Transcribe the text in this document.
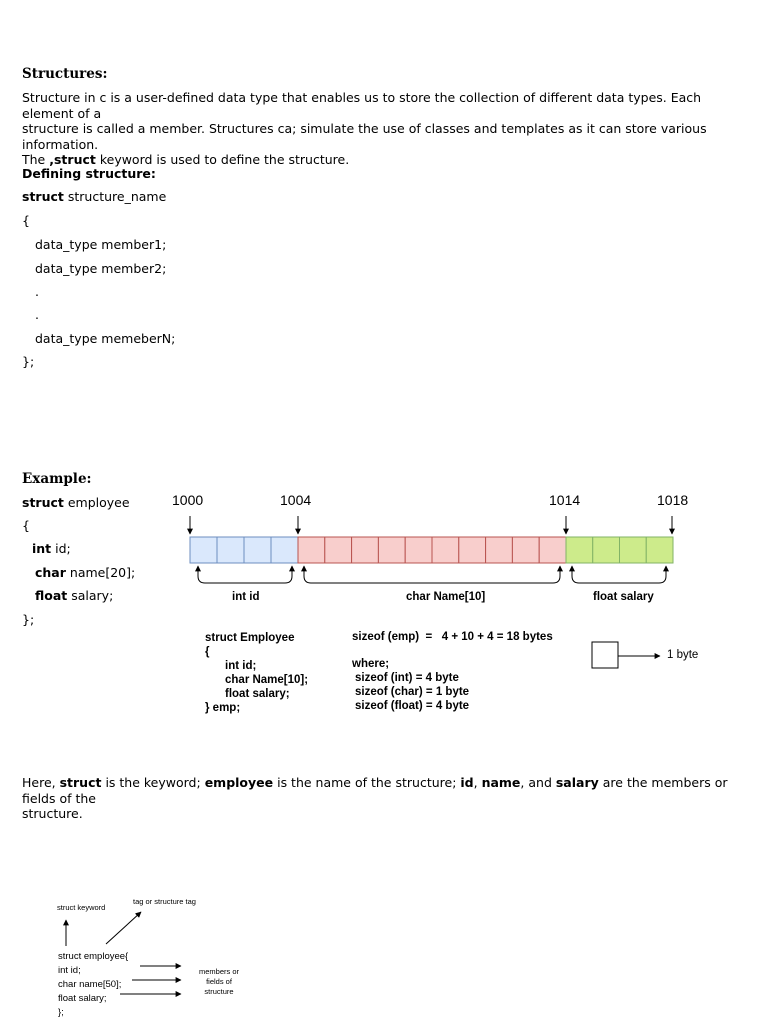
Structures:
Structure in c is a user-defined data type that enables us to store the collection of different data types. Each element of a
structure is called a member. Structures ca; simulate the use of classes and templates as it can store various information.
The ,struct keyword is used to define the structure.
Defining structure:
struct structure_name
{
data_type member1;
data_type member2;
.
.
data_type memeberN;
};
Example:
struct employee
{
int id;
char name[20];
float salary;
};
1000	1004	1014	1018
int id	char Name[10]	float salary
struct Employee
{
int id;
char Name[10];
float salary;
} emp;
sizeof (emp)  =   4 + 10 + 4 = 18 bytes
where;
sizeof (int) = 4 byte
sizeof (char) = 1 byte
sizeof (float) = 4 byte
1 byte
Here, struct is the keyword; employee is the name of the structure; id, name, and salary are the members or fields of the
structure.
struct keyword
tag or structure tag
struct employee{
int id;
char name[50];
float salary;
};
members or
fields of
structure
